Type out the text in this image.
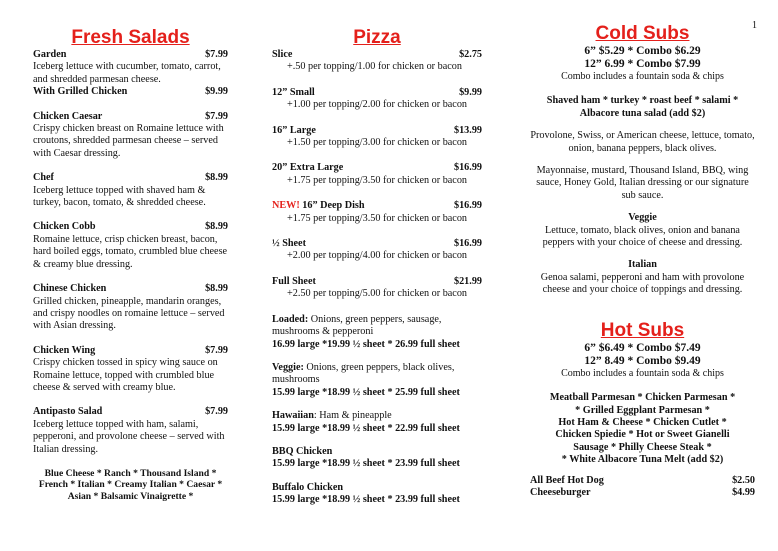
1
Fresh Salads
Garden	$7.99
Iceberg lettuce with cucumber, tomato, carrot, and shredded parmesan cheese.
With Grilled Chicken	$9.99
Chicken Caesar	$7.99
Crispy chicken breast on Romaine lettuce with croutons, shredded parmesan cheese – served with Caesar dressing.
Chef	$8.99
Iceberg lettuce topped with shaved ham & turkey, bacon, tomato, & shredded cheese.
Chicken Cobb	$8.99
Romaine lettuce, crisp chicken breast, bacon, hard boiled eggs, tomato, crumbled blue cheese & creamy blue dressing.
Chinese Chicken	$8.99
Grilled chicken, pineapple, mandarin oranges, and crispy noodles on romaine lettuce – served with Asian dressing.
Chicken Wing	$7.99
Crispy chicken tossed in spicy wing sauce on Romaine lettuce, topped with crumbled blue cheese & served with creamy blue.
Antipasto Salad	$7.99
Iceberg lettuce topped with ham, salami, pepperoni, and provolone cheese – served with Italian dressing.
Blue Cheese * Ranch * Thousand Island * French * Italian * Creamy Italian * Caesar * Asian * Balsamic Vinaigrette *
Pizza
Slice	$2.75
+.50 per topping/1.00 for chicken or bacon
12” Small	$9.99
+1.00 per topping/2.00 for chicken or bacon
16” Large	$13.99
+1.50 per topping/3.00 for chicken or bacon
20” Extra Large	$16.99
+1.75 per topping/3.50 for chicken or bacon
NEW! 16” Deep Dish	$16.99
+1.75 per topping/3.50 for chicken or bacon
½ Sheet	$16.99
+2.00 per topping/4.00 for chicken or bacon
Full Sheet	$21.99
+2.50 per topping/5.00 for chicken or bacon
Loaded: Onions, green peppers, sausage, mushrooms & pepperoni
16.99 large *19.99 ½ sheet * 26.99 full sheet
Veggie: Onions, green peppers, black olives, mushrooms
15.99 large *18.99 ½ sheet * 25.99 full sheet
Hawaiian: Ham & pineapple
15.99 large *18.99 ½ sheet * 22.99 full sheet
BBQ Chicken
15.99 large *18.99 ½ sheet * 23.99 full sheet
Buffalo Chicken
15.99 large *18.99 ½ sheet * 23.99 full sheet
Cold Subs
6” $5.29 * Combo $6.29
12” 6.99 * Combo $7.99
Combo includes a fountain soda & chips
Shaved ham * turkey * roast beef * salami * Albacore tuna salad (add $2)
Provolone, Swiss, or American cheese, lettuce, tomato, onion, banana peppers, black olives.
Mayonnaise, mustard, Thousand Island, BBQ, wing sauce, Honey Gold, Italian dressing or our signature sub sauce.
Veggie
Lettuce, tomato, black olives, onion and banana peppers with your choice of cheese and dressing.
Italian
Genoa salami, pepperoni and ham with provolone cheese and your choice of toppings and dressing.
Hot Subs
6” $6.49 * Combo $7.49
12” 8.49 * Combo $9.49
Combo includes a fountain soda & chips
Meatball Parmesan * Chicken Parmesan *
* Grilled Eggplant Parmesan *
Hot Ham & Cheese * Chicken Cutlet *
Chicken Spiedie * Hot or Sweet Gianelli
Sausage * Philly Cheese Steak *
* White Albacore Tuna Melt (add $2)
All Beef Hot Dog	$2.50
Cheeseburger	$4.99
